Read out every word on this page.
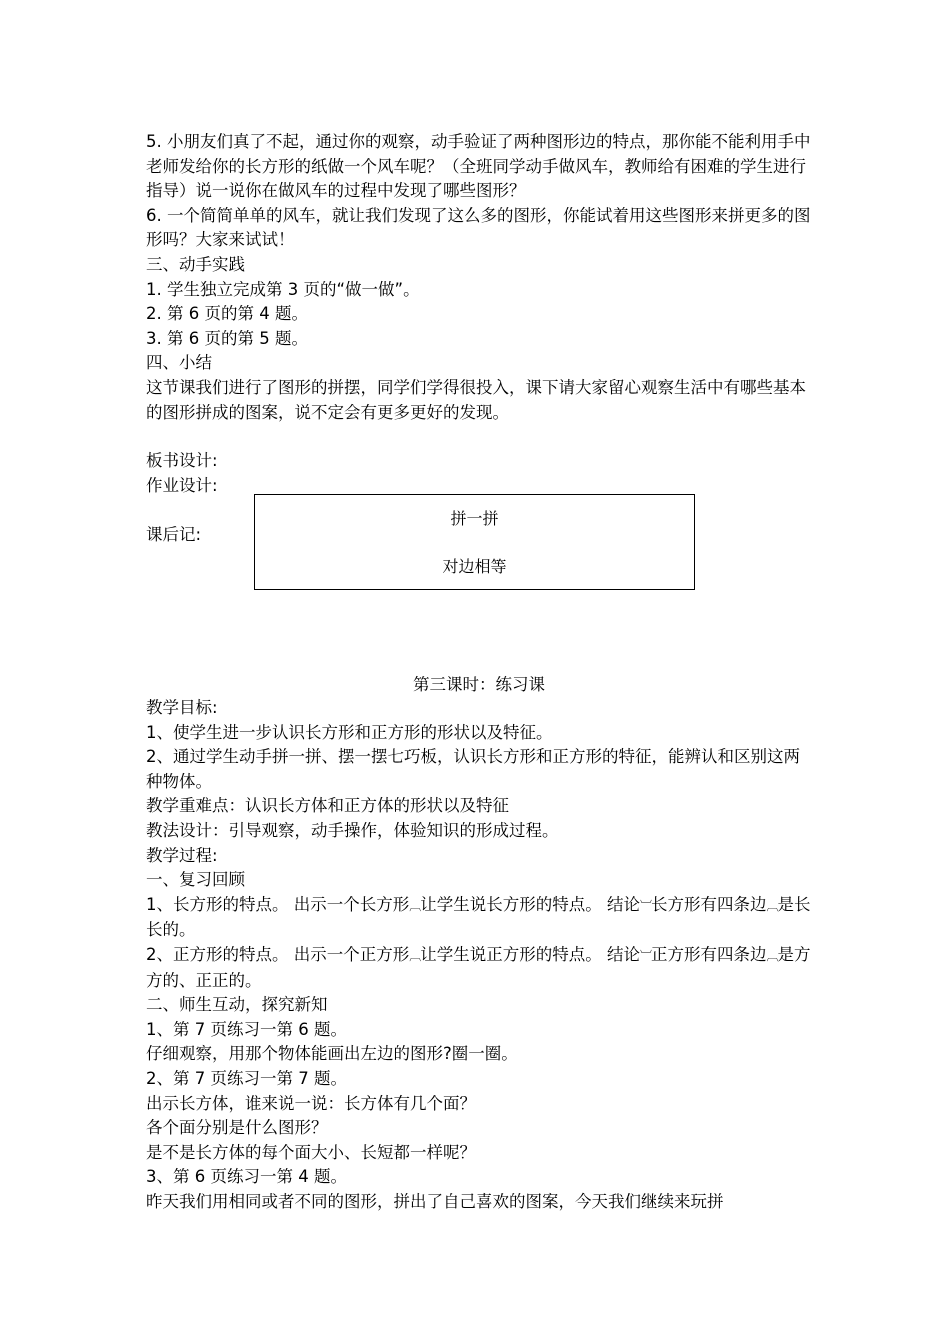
5. 小朋友们真了不起，通过你的观察，动手验证了两种图形边的特点，那你能不能利用手中老师发给你的长方形的纸做一个风车呢？（全班同学动手做风车，教师给有困难的学生进行指导）说一说你在做风车的过程中发现了哪些图形？

6. 一个简简单单的风车，就让我们发现了这么多的图形，你能试着用这些图形来拼更多的图形吗？大家来试试！

三、动手实践

1. 学生独立完成第 3 页的“做一做”。

2. 第 6 页的第 4 题。

3. 第 6 页的第 5 题。

四、小结

这节课我们进行了图形的拼摆，同学们学得很投入，课下请大家留心观察生活中有哪些基本的图形拼成的图案，说不定会有更多更好的发现。

板书设计:

作业设计:

课后记:

拼一拼
对边相等
第三课时：练习课

教学目标:

1、使学生进一步认识长方形和正方形的形状以及特征。

2、通过学生动手拼一拼、摆一摆七巧板，认识长方形和正方形的特征，能辨认和区别这两种物体。

教学重难点：认识长方体和正方体的形状以及特征

教法设计：引导观察，动手操作，体验知识的形成过程。

教学过程:

一、复习回顾

1、长方形的特点。 出示一个长方形︹让学生说长方形的特点。 结论︺长方形有四条边︹是长长的。

2、正方形的特点。 出示一个正方形︹让学生说正方形的特点。 结论︺正方形有四条边︹是方方的、正正的。

二、师生互动，探究新知

1、第 7 页练习一第 6 题。

仔细观察，用那个物体能画出左边的图形?圈一圈。

2、第 7 页练习一第 7 题。

出示长方体，谁来说一说：长方体有几个面？

各个面分别是什么图形？

是不是长方体的每个面大小、长短都一样呢？

3、第 6 页练习一第 4 题。

昨天我们用相同或者不同的图形，拼出了自己喜欢的图案，今天我们继续来玩拼
